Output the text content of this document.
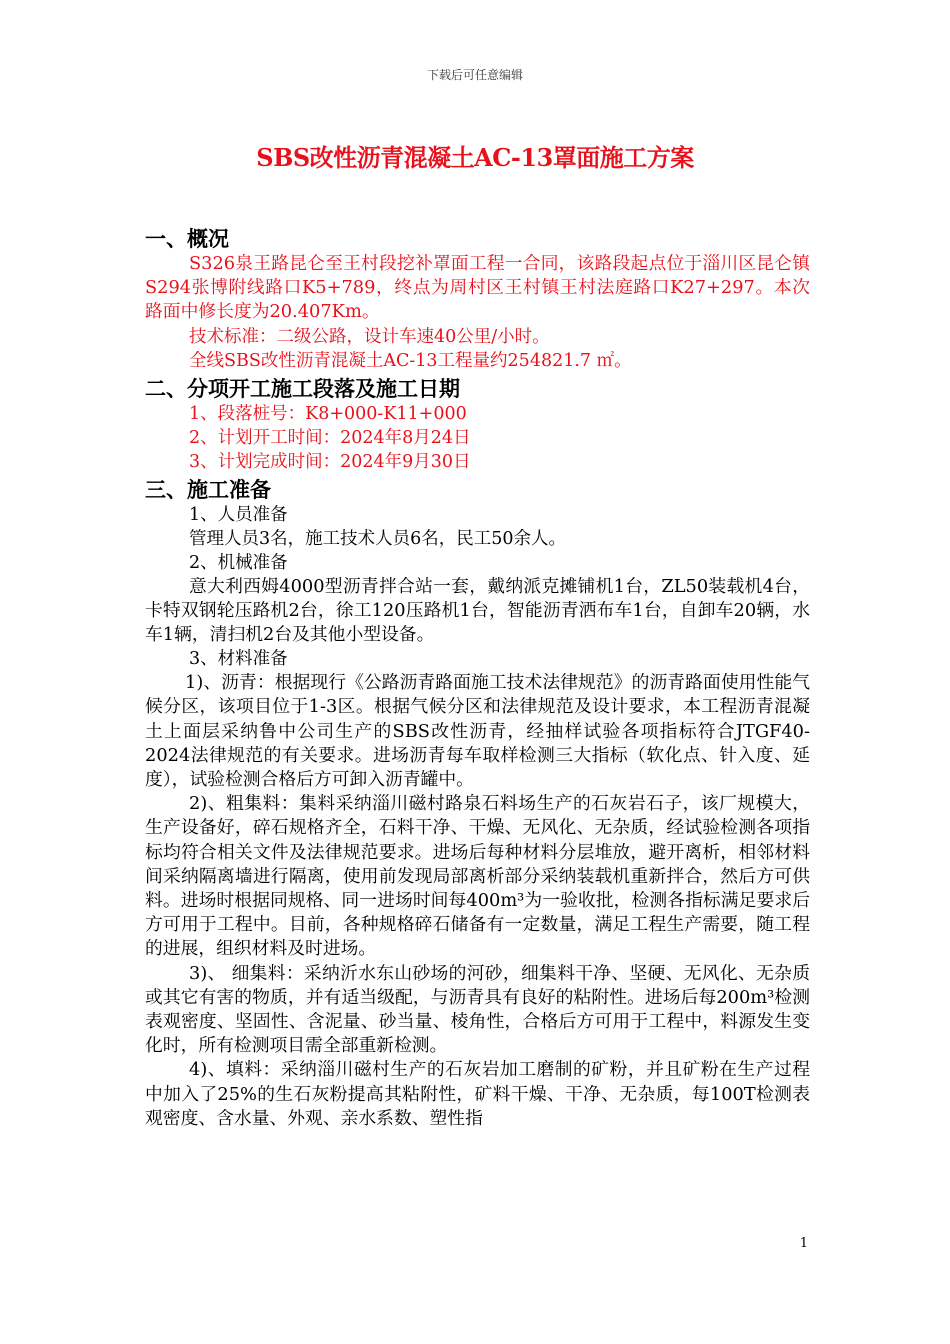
下载后可任意编辑
SBS改性沥青混凝土AC-13罩面施工方案
一、概况

S326泉王路昆仑至王村段挖补罩面工程一合同，该路段起点位于淄川区昆仑镇S294张博附线路口K5+789，终点为周村区王村镇王村法庭路口K27+297。本次路面中修长度为20.407Km。

技术标准：二级公路，设计车速40公里/小时。

全线SBS改性沥青混凝土AC-13工程量约254821.7 ㎡。

二、分项开工施工段落及施工日期

1、段落桩号：K8+000-K11+000

2、计划开工时间：2024年8月24日

3、计划完成时间：2024年9月30日

三、施工准备

1、人员准备

管理人员3名，施工技术人员6名，民工50余人。

2、机械准备

意大利西姆4000型沥青拌合站一套，戴纳派克摊铺机1台，ZL50装载机4台，卡特双钢轮压路机2台，徐工120压路机1台，智能沥青洒布车1台，自卸车20辆，水车1辆，清扫机2台及其他小型设备。

3、材料准备

1)、沥青：根据现行《公路沥青路面施工技术法律规范》的沥青路面使用性能气候分区，该项目位于1-3区。根据气候分区和法律规范及设计要求，本工程沥青混凝土上面层采纳鲁中公司生产的SBS改性沥青，经抽样试验各项指标符合JTGF40-2024法律规范的有关要求。进场沥青每车取样检测三大指标（软化点、针入度、延度），试验检测合格后方可卸入沥青罐中。

2)、粗集料：集料采纳淄川磁村路泉石料场生产的石灰岩石子，该厂规模大，生产设备好，碎石规格齐全，石料干净、干燥、无风化、无杂质，经试验检测各项指标均符合相关文件及法律规范要求。进场后每种材料分层堆放，避开离析，相邻材料间采纳隔离墙进行隔离，使用前发现局部离析部分采纳装载机重新拌合，然后方可供料。进场时根据同规格、同一进场时间每400m³为一验收批，检测各指标满足要求后方可用于工程中。目前，各种规格碎石储备有一定数量，满足工程生产需要，随工程的进展，组织材料及时进场。

3)、 细集料：采纳沂水东山砂场的河砂，细集料干净、坚硬、无风化、无杂质或其它有害的物质，并有适当级配，与沥青具有良好的粘附性。进场后每200m³检测表观密度、坚固性、含泥量、砂当量、棱角性，合格后方可用于工程中，料源发生变化时，所有检测项目需全部重新检测。

4)、填料：采纳淄川磁村生产的石灰岩加工磨制的矿粉，并且矿粉在生产过程中加入了25%的生石灰粉提高其粘附性，矿料干燥、干净、无杂质，每100T检测表观密度、含水量、外观、亲水系数、塑性指

1
